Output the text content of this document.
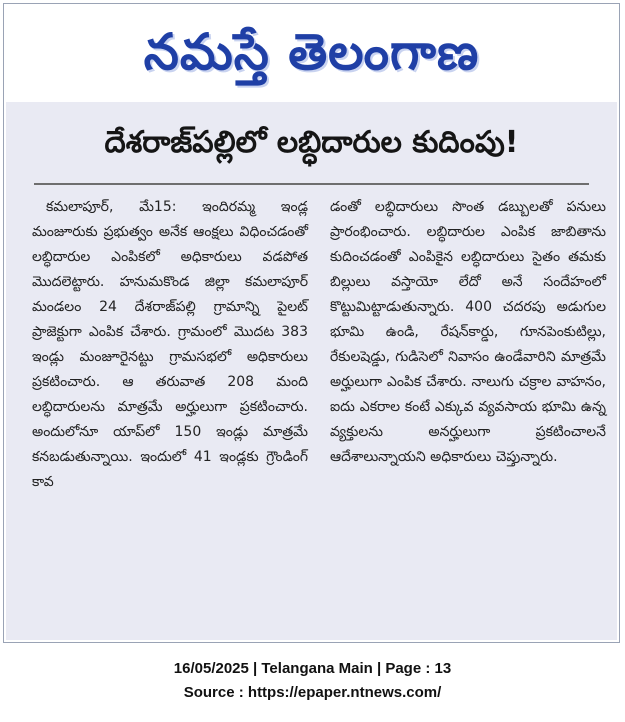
నమస్తే తెలంగాణ
దేశరాజ్‌పల్లిలో లబ్ధిదారుల కుదింపు!

కమలాపూర్, మే15: ఇందిరమ్మ ఇండ్ల మంజూరుకు ప్రభుత్వం అనేక ఆంక్షలు విధించడంతో లబ్ధిదారుల ఎంపికలో అధికారులు వడపోత మొదలెట్టారు. హనుమకొండ జిల్లా కమలాపూర్ మండలం 24 దేశరాజ్‌పల్లి గ్రామాన్ని పైలట్ ప్రాజెక్టుగా ఎంపిక చేశారు. గ్రామంలో మొదట 383 ఇండ్లు మంజూరైనట్టు గ్రామసభలో అధికారులు ప్రకటించారు. ఆ తరువాత 208 మంది లబ్ధిదారులను మాత్రమే అర్హులుగా ప్రకటించారు. అందులోనూ యాప్‌లో 150 ఇండ్లు మాత్రమే కనబడుతున్నాయి. ఇందులో 41 ఇండ్లకు గ్రౌండింగ్ కావ

డంతో లబ్ధిదారులు సొంత డబ్బులతో పనులు ప్రారంభించారు. లబ్ధిదారుల ఎంపిక జాబితాను కుదించడంతో ఎంపికైన లబ్ధిదారులు సైతం తమకు బిల్లులు వస్తాయో లేదో అనే సందేహంలో కొట్టుమిట్టాడుతున్నారు. 400 చదరపు అడుగుల భూమి ఉండి, రేషన్‌కార్డు, గూనపెంకుటిల్లు, రేకులషెడ్డు, గుడిసెలో నివాసం ఉండేవారిని మాత్రమే అర్హులుగా ఎంపిక చేశారు. నాలుగు చక్రాల వాహనం, ఐదు ఎకరాల కంటే ఎక్కువ వ్యవసాయ భూమి ఉన్న వ్యక్తులను అనర్హులుగా ప్రకటించాలనే ఆదేశాలున్నాయని అధికారులు చెప్తున్నారు.

16/05/2025 | Telangana Main | Page : 13
Source : https://epaper.ntnews.com/
